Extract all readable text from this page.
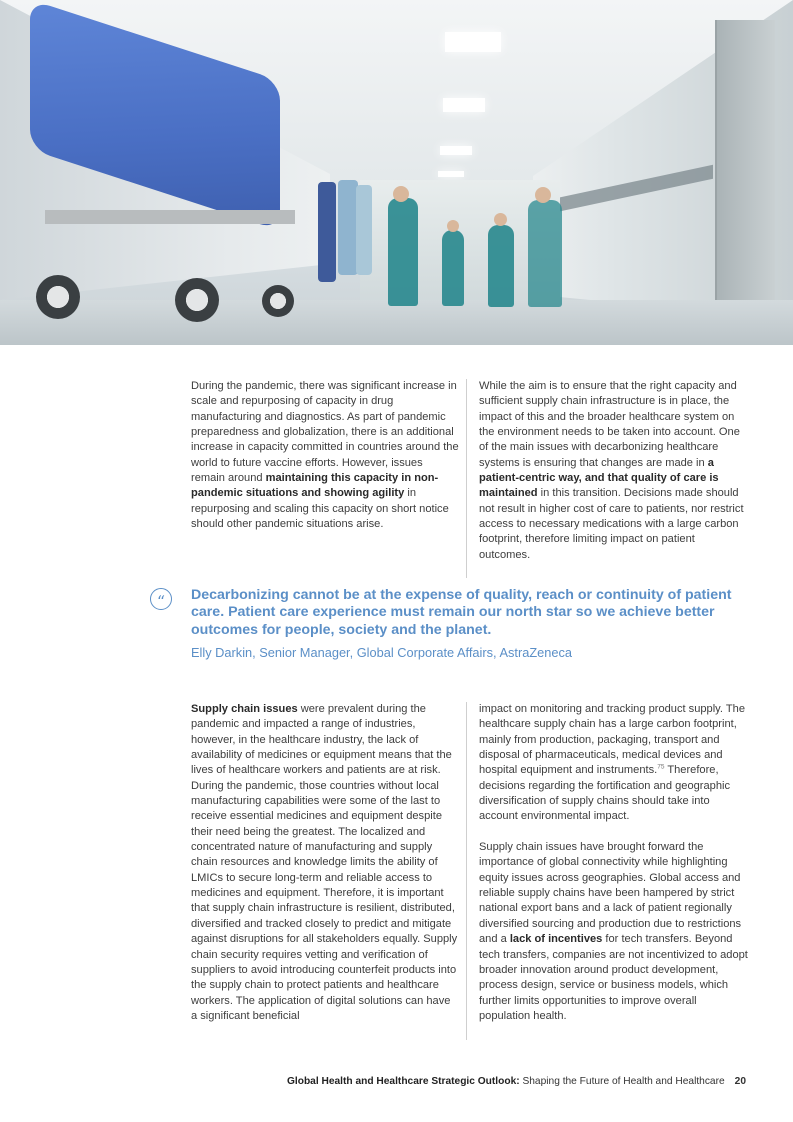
During the pandemic, there was significant increase in scale and repurposing of capacity in drug manufacturing and diagnostics. As part of pandemic preparedness and globalization, there is an additional increase in capacity committed in countries around the world to future vaccine efforts. However, issues remain around maintaining this capacity in non-pandemic situations and showing agility in repurposing and scaling this capacity on short notice should other pandemic situations arise.

While the aim is to ensure that the right capacity and sufficient supply chain infrastructure is in place, the impact of this and the broader healthcare system on the environment needs to be taken into account. One of the main issues with decarbonizing healthcare systems is ensuring that changes are made in a patient-centric way, and that quality of care is maintained in this transition. Decisions made should not result in higher cost of care to patients, nor restrict access to necessary medications with a large carbon footprint, therefore limiting impact on patient outcomes.

“	Decarbonizing cannot be at the expense of quality, reach or continuity of patient care. Patient care experience must remain our north star so we achieve better outcomes for people, society and the planet.
Elly Darkin, Senior Manager, Global Corporate Affairs, AstraZeneca

Supply chain issues were prevalent during the pandemic and impacted a range of industries, however, in the healthcare industry, the lack of availability of medicines or equipment means that the lives of healthcare workers and patients are at risk. During the pandemic, those countries without local manufacturing capabilities were some of the last to receive essential medicines and equipment despite their need being the greatest. The localized and concentrated nature of manufacturing and supply chain resources and knowledge limits the ability of LMICs to secure long-term and reliable access to medicines and equipment. Therefore, it is important that supply chain infrastructure is resilient, distributed, diversified and tracked closely to predict and mitigate against disruptions for all stakeholders equally. Supply chain security requires vetting and verification of suppliers to avoid introducing counterfeit products into the supply chain to protect patients and healthcare workers. The application of digital solutions can have a significant beneficial

impact on monitoring and tracking product supply. The healthcare supply chain has a large carbon footprint, mainly from production, packaging, transport and disposal of pharmaceuticals, medical devices and hospital equipment and instruments.$^{75}$ Therefore, decisions regarding the fortification and geographic diversification of supply chains should take into account environmental impact.

Supply chain issues have brought forward the importance of global connectivity while highlighting equity issues across geographies. Global access and reliable supply chains have been hampered by strict national export bans and a lack of patient regionally diversified sourcing and production due to restrictions and a lack of incentives for tech transfers. Beyond tech transfers, companies are not incentivized to adopt broader innovation around product development, process design, service or business models, which further limits opportunities to improve overall population health.

Global Health and Healthcare Strategic Outlook: Shaping the Future of Health and Healthcare 20
